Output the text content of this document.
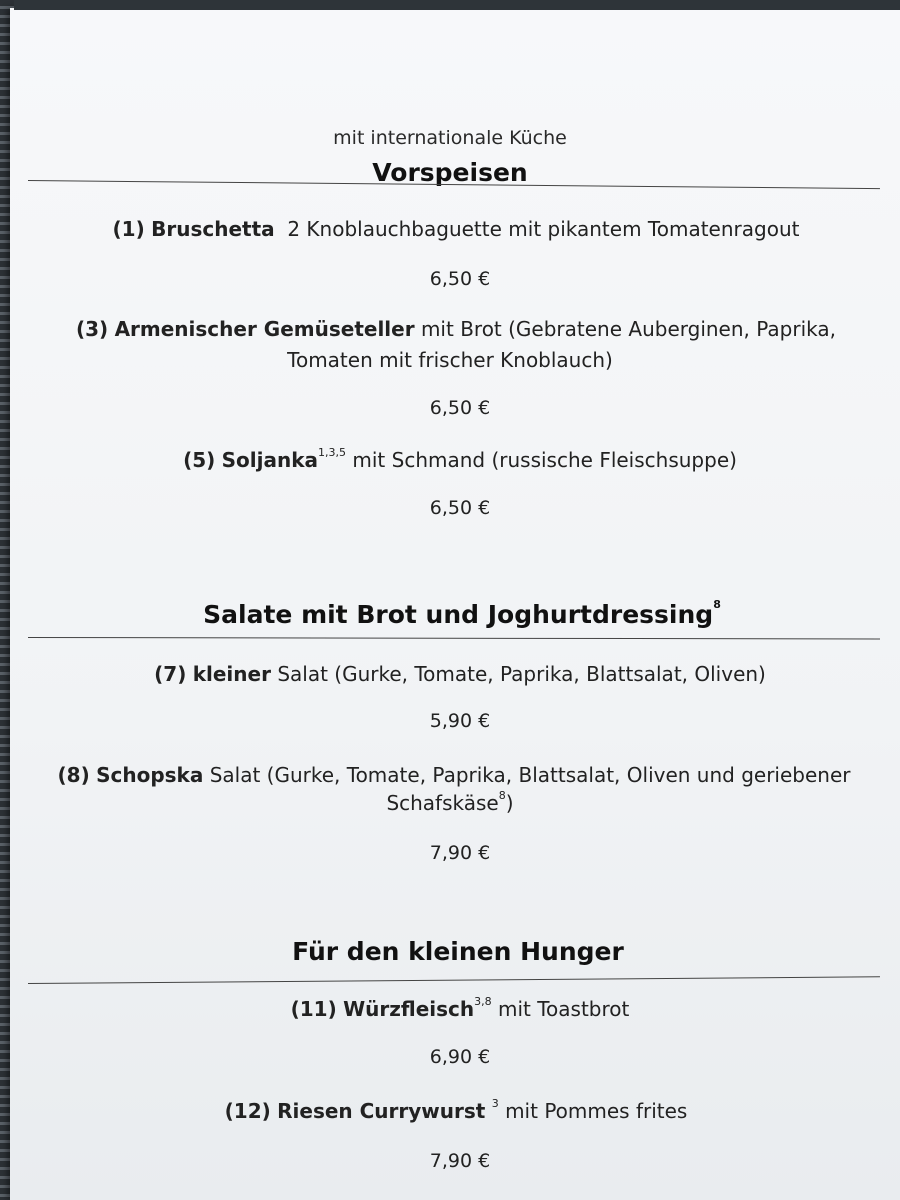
mit internationale Küche
Vorspeisen
(1) Bruschetta 2 Knoblauchbaguette mit pikantem Tomatenragout
6,50 €
(3) Armenischer Gemüseteller mit Brot (Gebratene Auberginen, Paprika,
Tomaten mit frischer Knoblauch)
6,50 €
(5) Soljanka$^{1,3,5}$ mit Schmand (russische Fleischsuppe)
6,50 €
Salate mit Brot und Joghurtdressing$^8$
(7) kleiner Salat (Gurke, Tomate, Paprika, Blattsalat, Oliven)
5,90 €
(8) Schopska Salat (Gurke, Tomate, Paprika, Blattsalat, Oliven und geriebener
Schafskäse$^8$)
7,90 €
Für den kleinen Hunger
(11) Würzfleisch$^{3,8}$ mit Toastbrot
6,90 €
(12) Riesen Currywurst $^3$ mit Pommes frites
7,90 €
